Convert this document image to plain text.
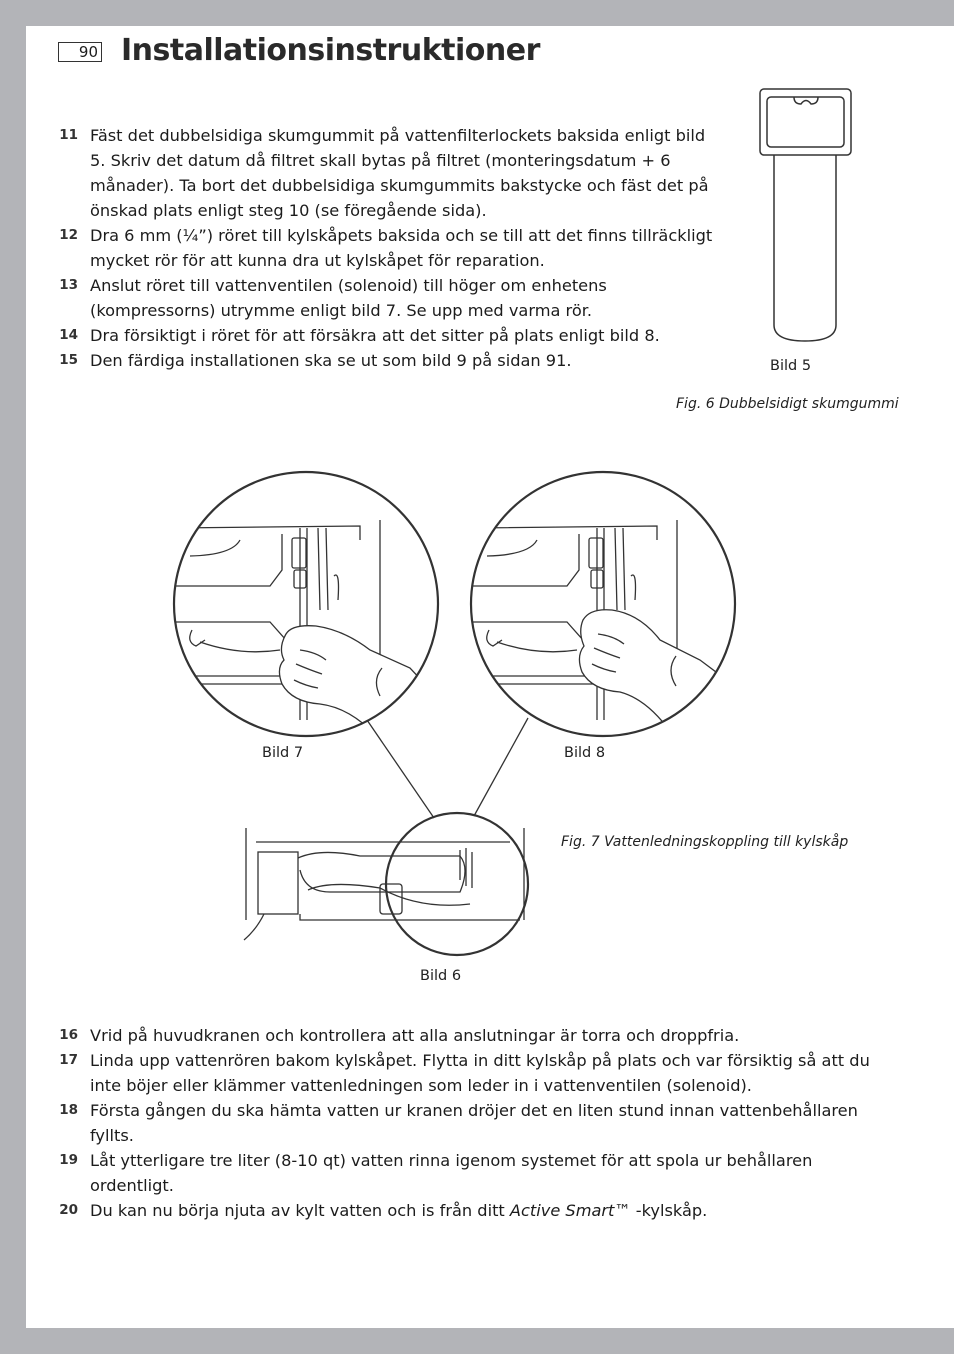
90 Installationsinstruktioner
11 Fäst det dubbelsidiga skumgummit på vattenfilterlockets baksida enligt bild 5. Skriv det datum då filtret skall bytas på filtret (monteringsdatum + 6 månader). Ta bort det dubbelsidiga skumgummits bakstycke och fäst det på önskad plats enligt steg 10 (se föregående sida).
12 Dra 6 mm (¼”) röret till kylskåpets baksida och se till att det finns tillräckligt mycket rör för att kunna dra ut kylskåpet för reparation.
13 Anslut röret till vattenventilen (solenoid) till höger om enhetens (kompressorns) utrymme enligt bild 7. Se upp med varma rör.
14 Dra försiktigt i röret för att försäkra att det sitter på plats enligt bild 8.
15 Den färdiga installationen ska se ut som bild 9 på sidan 91.	Bild 5
Fig. 6 Dubbelsidigt skumgummi
Bild 7	Bild 8
Bild 6
Fig. 7 Vattenledningskoppling till kylskåp
16 Vrid på huvudkranen och kontrollera att alla anslutningar är torra och droppfria.
17 Linda upp vattenrören bakom kylskåpet. Flytta in ditt kylskåp på plats och var försiktig så att du inte böjer eller klämmer vattenledningen som leder in i vattenventilen (solenoid).
18 Första gången du ska hämta vatten ur kranen dröjer det en liten stund innan vattenbehållaren fyllts.
19 Låt ytterligare tre liter (8-10 qt) vatten rinna igenom systemet för att spola ur behållaren ordentligt.
20 Du kan nu börja njuta av kylt vatten och is från ditt Active Smart™ -kylskåp.
